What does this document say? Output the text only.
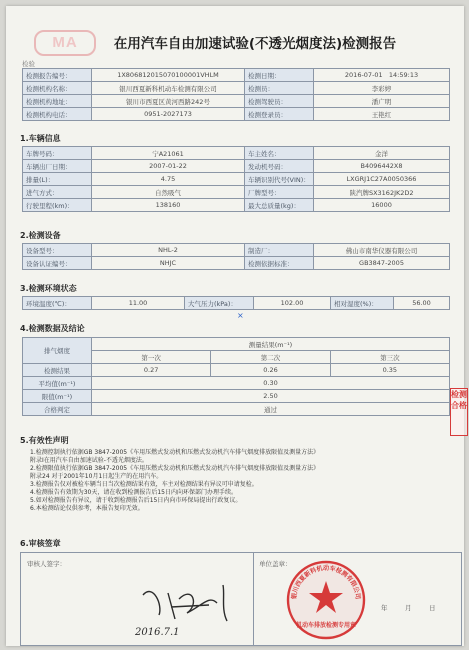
MA	在用汽车自由加速试验(不透光烟度法)检测报告
检验
检测报告编号：	1X806812015070100001VHLM	检测日期：	2016-07-01 14:59:13
检测机构名称：	银川西夏新科机动车检测有限公司	检测员：	李彩婷
检测机构地址：	银川市西夏区黄河西路242号	检测驾驶员：	潘广明
检测机构电话：	0951-2027173	检测登录员：	王艳红
1.车辆信息
车牌号码：	宁A21061	车主姓名：	金洋
车辆出厂日期：	2007-01-22	发动机号码：	B4096442X8
排量(L)：	4.75	车辆识别代号(VIN)：	LXGRJ1C27A0050366
进气方式：	自然吸气	厂牌型号：	陕汽牌SX3162JK2D2
行驶里程(km)：	138160	最大总质量(kg)：	16000
2.检测设备
设备型号：	NHL-2	制造厂：	佛山市南华仪器有限公司
设备认证编号：	NHJC	检测依据标准：	GB3847-2005
3.检测环境状态
环境温度(℃)：	11.00	大气压力(kPa)：	102.00	相对湿度(%)：	56.00
×
4.检测数据及结论
排气烟度	测量结果(m⁻¹)		
	第一次	第二次	第三次
检测结果	0.27	0.26	0.35
平均值(m⁻¹)	0.30		
限值(m⁻¹)	2.50		
合格判定	通过		
检测合格
5.有效性声明
1.检测控制执行依据GB 3847-2005《车用压燃式发动机和压燃式发动机汽车排气烟度排放限值及测量方法》
附录I在用汽车自由加速试验-不透光烟度法。
2.检测限值执行依据GB 3847-2005《车用压燃式发动机和压燃式发动机汽车排气烟度排放限值及测量方法》
附录24 对于2001年10月1日起生产的在用汽车。
3.检测报告仅对被检车辆当日当次检测结果有效，车主对检测结果有异议可申请复检。
4.检测报告有效期为30天，请在收到检测报告后15日内向环保部门办理手续。
5.如对检测报告有异议，请于收到检测报告后15日内向市环保局提出行政复议。
6.本检测结论仅供参考，本报告复印无效。
6.审核签章
审核人签字：
2016.7.1
单位盖章：
银川西夏新科机动车检测有限公司
机动车排放检测专用章
年	月	日
